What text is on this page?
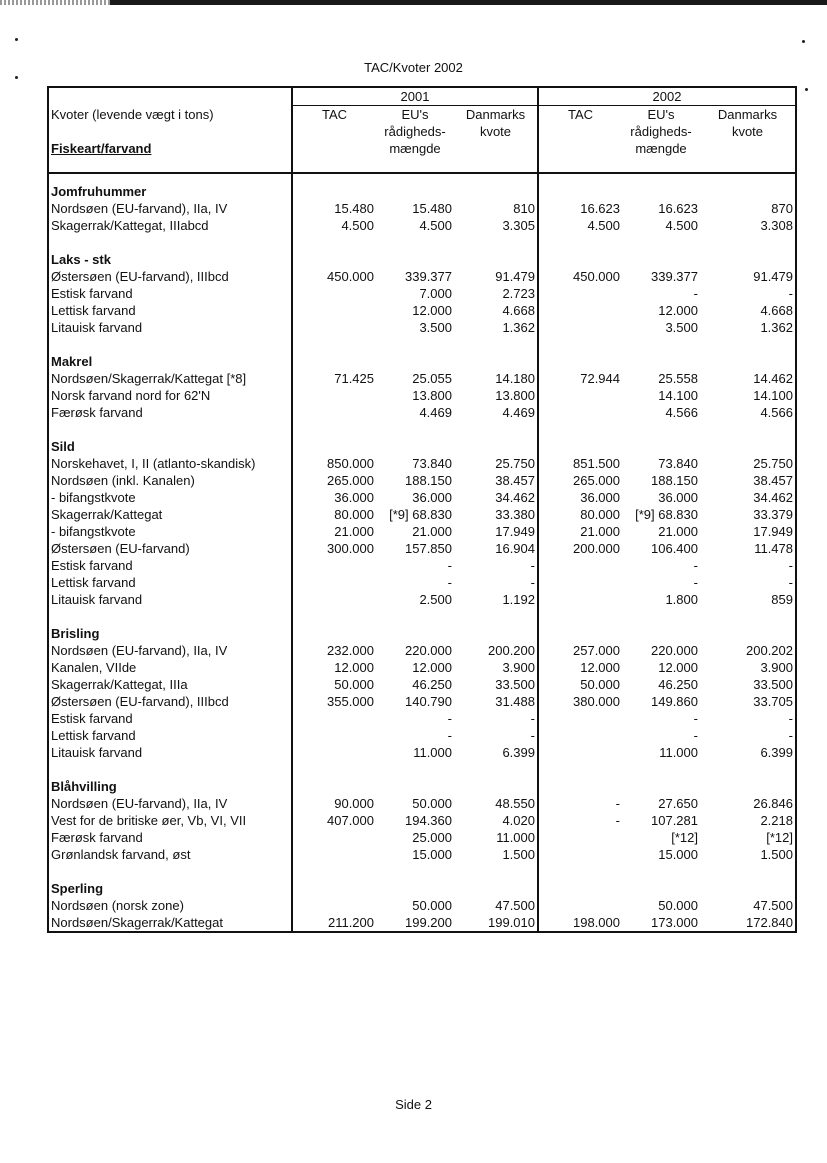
TAC/Kvoter 2002
	2001			2002		
Kvoter (levende vægt i tons)	TAC	EU's	Danmarks	TAC	EU's	Danmarks
		rådigheds-	kvote		rådigheds-	kvote
Fiskeart/farvand		mængde			mængde	

Jomfruhummer						
Nordsøen (EU-farvand), IIa, IV	15.480	15.480	810	16.623	16.623	870
Skagerrak/Kattegat, IIIabcd	4.500	4.500	3.305	4.500	4.500	3.308

Laks - stk						
Østersøen (EU-farvand), IIIbcd	450.000	339.377	91.479	450.000	339.377	91.479
Estisk farvand		7.000	2.723		-	-
Lettisk farvand		12.000	4.668		12.000	4.668
Litauisk farvand		3.500	1.362		3.500	1.362

Makrel						
Nordsøen/Skagerrak/Kattegat [*8]	71.425	25.055	14.180	72.944	25.558	14.462
Norsk farvand nord for 62'N		13.800	13.800		14.100	14.100
Færøsk farvand		4.469	4.469		4.566	4.566

Sild						
Norskehavet, I, II (atlanto-skandisk)	850.000	73.840	25.750	851.500	73.840	25.750
Nordsøen (inkl. Kanalen)	265.000	188.150	38.457	265.000	188.150	38.457
- bifangstkvote	36.000	36.000	34.462	36.000	36.000	34.462
Skagerrak/Kattegat	80.000	[*9] 68.830	33.380	80.000	[*9] 68.830	33.379
- bifangstkvote	21.000	21.000	17.949	21.000	21.000	17.949
Østersøen (EU-farvand)	300.000	157.850	16.904	200.000	106.400	11.478
Estisk farvand		-	-		-	-
Lettisk farvand		-	-		-	-
Litauisk farvand		2.500	1.192		1.800	859

Brisling						
Nordsøen (EU-farvand), IIa, IV	232.000	220.000	200.200	257.000	220.000	200.202
Kanalen, VIIde	12.000	12.000	3.900	12.000	12.000	3.900
Skagerrak/Kattegat, IIIa	50.000	46.250	33.500	50.000	46.250	33.500
Østersøen (EU-farvand), IIIbcd	355.000	140.790	31.488	380.000	149.860	33.705
Estisk farvand		-	-		-	-
Lettisk farvand		-	-		-	-
Litauisk farvand		11.000	6.399		11.000	6.399

Blåhvilling						
Nordsøen (EU-farvand), IIa, IV	90.000	50.000	48.550	-	27.650	26.846
Vest for de britiske øer, Vb, VI, VII	407.000	194.360	4.020	-	107.281	2.218
Færøsk farvand		25.000	11.000		[*12]	[*12]
Grønlandsk farvand, øst		15.000	1.500		15.000	1.500

Sperling						
Nordsøen (norsk zone)		50.000	47.500		50.000	47.500
Nordsøen/Skagerrak/Kattegat	211.200	199.200	199.010	198.000	173.000	172.840
Side 2
